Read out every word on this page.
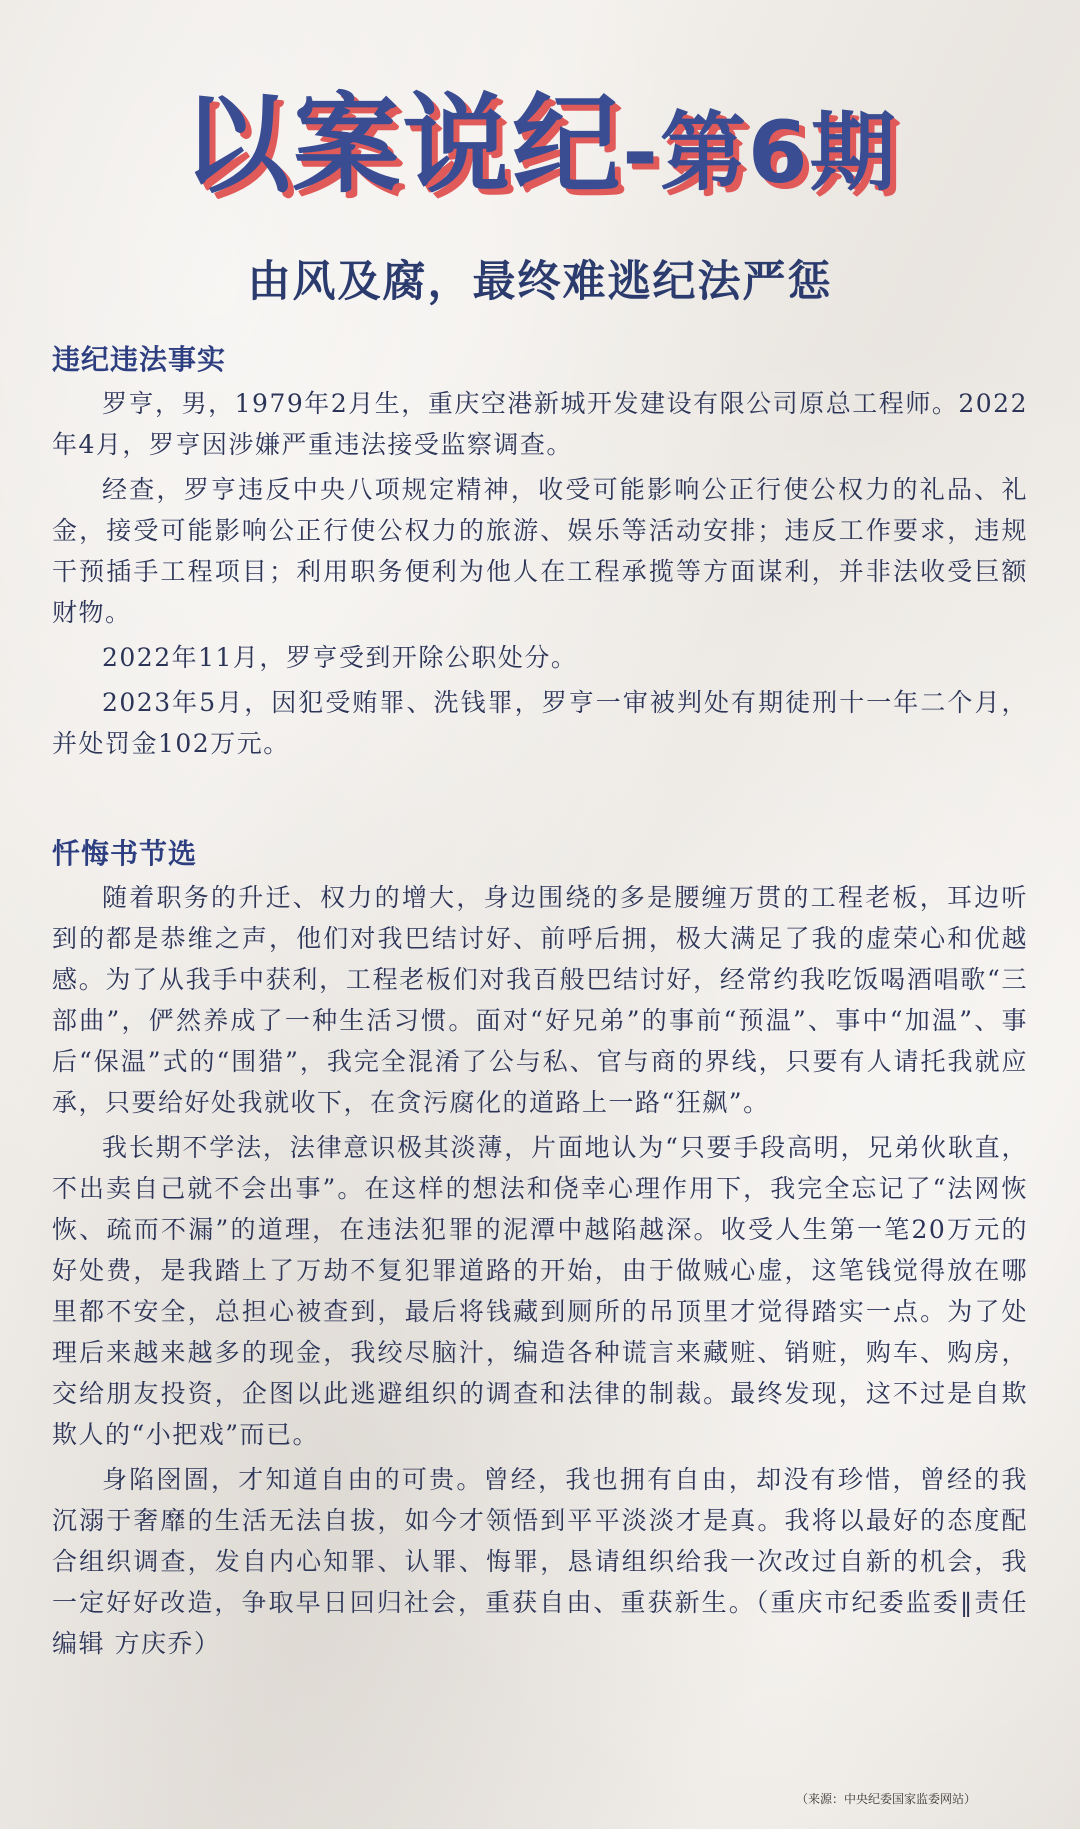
以案说纪-第6期
由风及腐，最终难逃纪法严惩
违纪违法事实

罗亨，男，1979年2月生，重庆空港新城开发建设有限公司原总工程师。2022年4月，罗亨因涉嫌严重违法接受监察调查。

经查，罗亨违反中央八项规定精神，收受可能影响公正行使公权力的礼品、礼金，接受可能影响公正行使公权力的旅游、娱乐等活动安排；违反工作要求，违规干预插手工程项目；利用职务便利为他人在工程承揽等方面谋利，并非法收受巨额财物。

2022年11月，罗亨受到开除公职处分。

2023年5月，因犯受贿罪、洗钱罪，罗亨一审被判处有期徒刑十一年二个月，并处罚金102万元。

忏悔书节选

随着职务的升迁、权力的增大，身边围绕的多是腰缠万贯的工程老板，耳边听到的都是恭维之声，他们对我巴结讨好、前呼后拥，极大满足了我的虚荣心和优越感。为了从我手中获利，工程老板们对我百般巴结讨好，经常约我吃饭喝酒唱歌“三部曲”，俨然养成了一种生活习惯。面对“好兄弟”的事前“预温”、事中“加温”、事后“保温”式的“围猎”，我完全混淆了公与私、官与商的界线，只要有人请托我就应承，只要给好处我就收下，在贪污腐化的道路上一路“狂飙”。

我长期不学法，法律意识极其淡薄，片面地认为“只要手段高明，兄弟伙耿直，不出卖自己就不会出事”。在这样的想法和侥幸心理作用下，我完全忘记了“法网恢恢、疏而不漏”的道理，在违法犯罪的泥潭中越陷越深。收受人生第一笔20万元的好处费，是我踏上了万劫不复犯罪道路的开始，由于做贼心虚，这笔钱觉得放在哪里都不安全，总担心被查到，最后将钱藏到厕所的吊顶里才觉得踏实一点。为了处理后来越来越多的现金，我绞尽脑汁，编造各种谎言来藏赃、销赃，购车、购房，交给朋友投资，企图以此逃避组织的调查和法律的制裁。最终发现，这不过是自欺欺人的“小把戏”而已。

身陷囹圄，才知道自由的可贵。曾经，我也拥有自由，却没有珍惜，曾经的我沉溺于奢靡的生活无法自拔，如今才领悟到平平淡淡才是真。我将以最好的态度配合组织调查，发自内心知罪、认罪、悔罪，恳请组织给我一次改过自新的机会，我一定好好改造，争取早日回归社会，重获自由、重获新生。（重庆市纪委监委‖责任编辑 方庆乔）

（来源：中央纪委国家监委网站）
